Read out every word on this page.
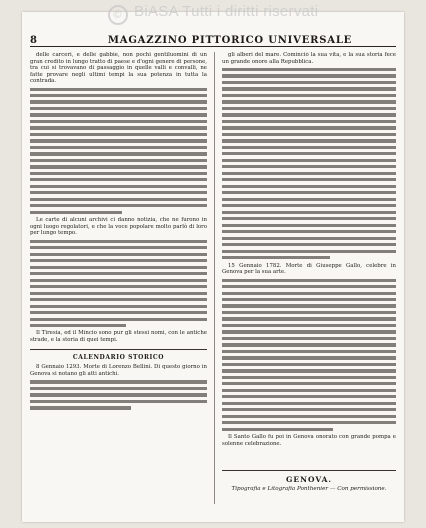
© BiASA Tutti i diritti riservati
8	MAGAZZINO PITTORICO UNIVERSALE

delle carceri, e delle gabbie, non pochi gentiluomini di un gran credito in lungo tratto di paese e d'ogni genere di persone, tra cui si trovavano di passaggio in quelle valli e convalli, ne fatte provare negli ultimi tempi la sua potenza in tutta la contrada.

Le carte di alcuni archivi ci danno notizia, che ne furono in ogni luogo regolatori, e che la voce popolare molto parlò di loro per lungo tempo.

Il Tiresia, ed il Mincio sono pur gli stessi nomi, con le antiche strade, e la storia di quei tempi.

CALENDARIO STORICO

8 Gennaio 1293. Morte di Lorenzo Bellini. Di questo giorno in Genova si notano gli atti antichi.

gli alberi del mare. Cominciò la sua vita, e la sua storia fece un grande onore alla Repubblica.

15 Gennaio 1782. Morte di Giuseppe Gallo, celebre in Genova per la sua arte.

Il Santo Gallo fu poi in Genova onorato con grande pompa e solenne celebrazione.

GENOVA.
Tipografia e Litografia Ponthenier — Con permissione.
